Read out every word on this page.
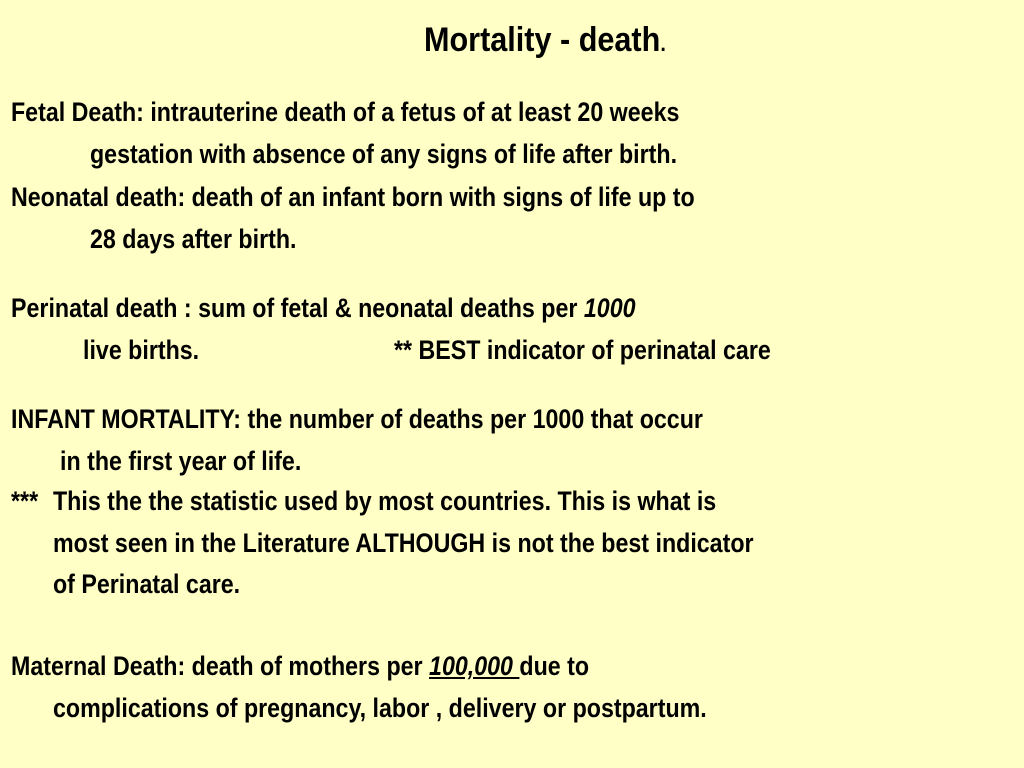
Mortality - death.
Fetal Death: intrauterine death of a fetus of at least 20 weeks
gestation with absence of any signs of life after birth.
Neonatal death: death of an infant born with signs of life up to
28 days after birth.
Perinatal death : sum of fetal & neonatal deaths per 1000
live births.	** BEST indicator of perinatal care
INFANT MORTALITY: the number of deaths per 1000 that occur
in the first year of life.
*** This the the statistic used by most countries. This is what is
most seen in the Literature ALTHOUGH is not the best indicator
of Perinatal care.
Maternal Death: death of mothers per 100,000 due to
complications of pregnancy, labor , delivery or postpartum.
